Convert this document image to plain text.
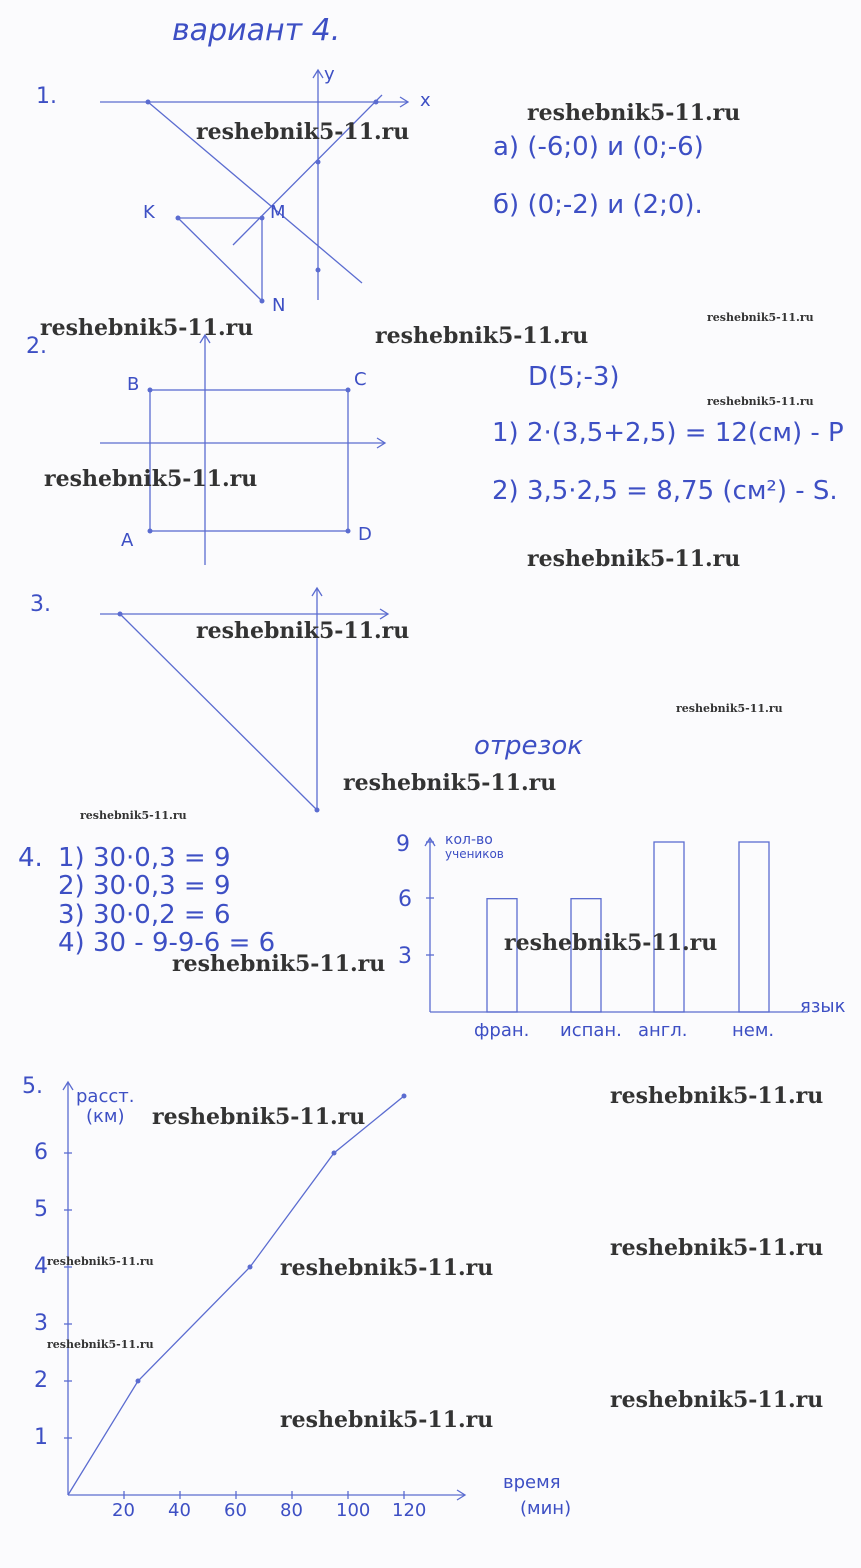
вариант 4.
1.	x
y
K	M
N
а) (-6;0) и (0;-6)
б) (0;-2) и (2;0).
2.
B	C
A	D
D(5;-3)
1) 2·(3,5+2,5) = 12(см) - P
2) 3,5·2,5 = 8,75 (см²) - S.
3.
отрезок
4. 1) 30·0,3 = 9
2) 30·0,3 = 9
3) 30·0,2 = 6
4) 30 - 9-9-6 = 6
кол-во
учеников
язык
9
6
3
фран. испан. англ. нем.
5. расст.
(км)
время
(мин)
1
2
3
4
5
6
20 40 60 80 100 120
reshebnik5-11.ru
reshebnik5-11.ru
reshebnik5-11.ru	reshebnik5-11.ru
reshebnik5-11.ru
reshebnik5-11.ru
reshebnik5-11.ru
reshebnik5-11.ru
reshebnik5-11.ru
reshebnik5-11.ru
reshebnik5-11.ru
reshebnik5-11.ru
reshebnik5-11.ru
reshebnik5-11.ru
reshebnik5-11.ru
reshebnik5-11.ru
reshebnik5-11.ru
reshebnik5-11.ru
reshebnik5-11.ru
reshebnik5-11.ru
reshebnik5-11.ru
reshebnik5-11.ru
